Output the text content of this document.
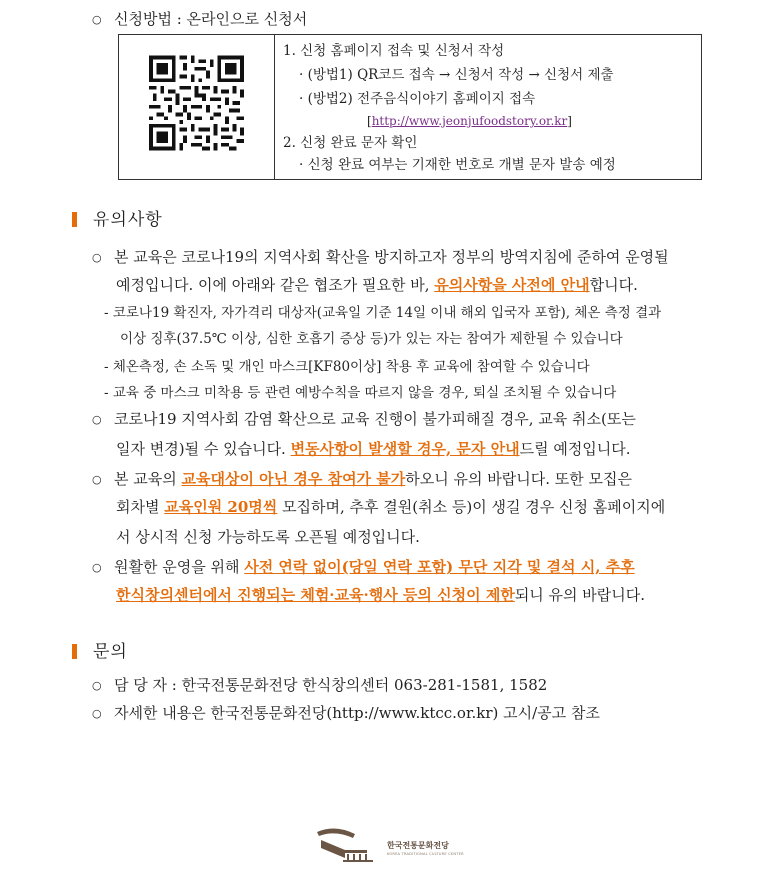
○ 신청방법 : 온라인으로 신청서
1. 신청 홈페이지 접속 및 신청서 작성
· (방법1) QR코드 접속 → 신청서 작성 → 신청서 제출
· (방법2) 전주음식이야기 홈페이지 접속
[http://www.jeonjufoodstory.or.kr]
2. 신청 완료 문자 확인
· 신청 완료 여부는 기재한 번호로 개별 문자 발송 예정
유의사항
○ 본 교육은 코로나19의 지역사회 확산을 방지하고자 정부의 방역지침에 준하여 운영될
예정입니다. 이에 아래와 같은 협조가 필요한 바, 유의사항을 사전에 안내합니다.
- 코로나19 확진자, 자가격리 대상자(교육일 기준 14일 이내 해외 입국자 포함), 체온 측정 결과
이상 징후(37.5℃ 이상, 심한 호흡기 증상 등)가 있는 자는 참여가 제한될 수 있습니다
- 체온측정, 손 소독 및 개인 마스크[KF80이상] 착용 후 교육에 참여할 수 있습니다
- 교육 중 마스크 미착용 등 관련 예방수칙을 따르지 않을 경우, 퇴실 조치될 수 있습니다
○ 코로나19 지역사회 감염 확산으로 교육 진행이 불가피해질 경우, 교육 취소(또는
일자 변경)될 수 있습니다. 변동사항이 발생할 경우, 문자 안내드릴 예정입니다.
○ 본 교육의 교육대상이 아닌 경우 참여가 불가하오니 유의 바랍니다. 또한 모집은
회차별 교육인원 20명씩 모집하며, 추후 결원(취소 등)이 생길 경우 신청 홈페이지에
서 상시적 신청 가능하도록 오픈될 예정입니다.
○ 원활한 운영을 위해 사전 연락 없이(당일 연락 포함) 무단 지각 및 결석 시, 추후
한식창의센터에서 진행되는 체험·교육·행사 등의 신청이 제한되니 유의 바랍니다.
문의
○ 담 당 자 : 한국전통문화전당 한식창의센터 063-281-1581, 1582
○ 자세한 내용은 한국전통문화전당(http://www.ktcc.or.kr) 고시/공고 참조
한국전통문화전당
KOREA TRADITIONAL CULTURE CENTER
